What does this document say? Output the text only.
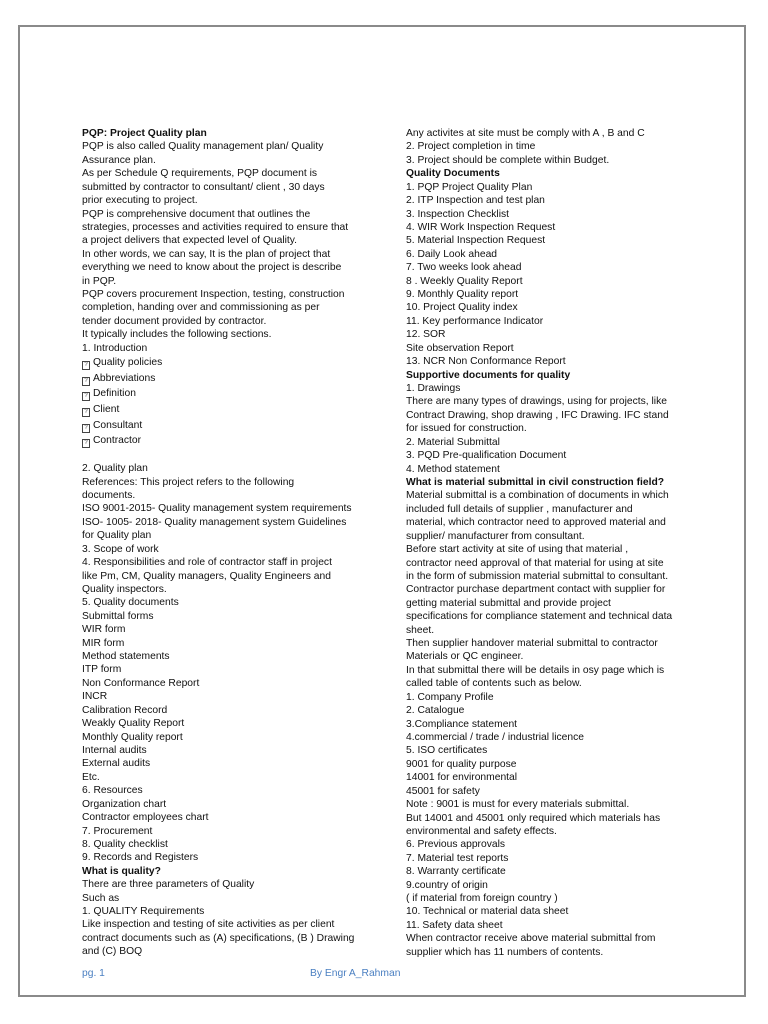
PQP: Project Quality plan
PQP is also called Quality management plan/ Quality
Assurance plan.
As per Schedule Q requirements, PQP document is
submitted by contractor to consultant/ client , 30 days
prior executing to project.
PQP is comprehensive document that outlines the
strategies, processes and activities required to ensure that
a project delivers that expected level of Quality.
In other words, we can say, It is the plan of project that
everything we need to know about the project is describe
in PQP.
PQP covers procurement Inspection, testing, construction
completion, handing over and commissioning as per
tender document provided by contractor.
It typically includes the following sections.
1. Introduction
? Quality policies
? Abbreviations
? Definition
? Client
? Consultant
? Contractor
2. Quality plan
References: This project refers to the following
documents.
ISO 9001-2015- Quality management system requirements
ISO- 1005- 2018- Quality management system Guidelines
for Quality plan
3. Scope of work
4. Responsibilities and role of contractor staff in project
like Pm, CM, Quality managers, Quality Engineers and
Quality inspectors.
5. Quality documents
Submittal forms
WIR form
MIR form
Method statements
ITP form
Non Conformance Report
INCR
Calibration Record
Weakly Quality Report
Monthly Quality report
Internal audits
External audits
Etc.
6. Resources
Organization chart
Contractor employees chart
7. Procurement
8. Quality checklist
9. Records and Registers
What is quality?
There are three parameters of Quality
Such as
1. QUALITY Requirements
Like inspection and testing of site activities as per client
contract documents such as (A) specifications, (B ) Drawing
and (C) BOQ
Any activites at site must be comply with A , B and C
2. Project completion in time
3. Project should be complete within Budget.
Quality Documents
1. PQP Project Quality Plan
2. ITP Inspection and test plan
3. Inspection Checklist
4. WIR Work Inspection Request
5. Material Inspection Request
6. Daily Look ahead
7. Two weeks look ahead
8 . Weekly Quality Report
9. Monthly Quality report
10. Project Quality index
11. Key performance Indicator
12. SOR
Site observation Report
13. NCR Non Conformance Report
Supportive documents for quality
1. Drawings
There are many types of drawings, using for projects, like
Contract Drawing, shop drawing , IFC Drawing. IFC stand
for issued for construction.
2. Material Submittal
3. PQD Pre-qualification Document
4. Method statement
What is material submittal in civil construction field?
Material submittal is a combination of documents in which
included full details of supplier , manufacturer and
material, which contractor need to approved material and
supplier/ manufacturer from consultant.
Before start activity at site of using that material ,
contractor need approval of that material for using at site
in the form of submission material submittal to consultant.
Contractor purchase department contact with supplier for
getting material submittal and provide project
specifications for compliance statement and technical data
sheet.
Then supplier handover material submittal to contractor
Materials or QC engineer.
In that submittal there will be details in osy page which is
called table of contents such as below.
1. Company Profile
2. Catalogue
3.Compliance statement
4.commercial / trade / industrial licence
5. ISO certificates
9001 for quality purpose
14001 for environmental
45001 for safety
Note : 9001 is must for every materials submittal.
But 14001 and 45001 only required which materials has
environmental and safety effects.
6. Previous approvals
7. Material test reports
8. Warranty certificate
9.country of origin
( if material from foreign country )
10. Technical or material data sheet
11. Safety data sheet
When contractor receive above material submittal from
supplier which has 11 numbers of contents.
pg. 1	By Engr A_Rahman
